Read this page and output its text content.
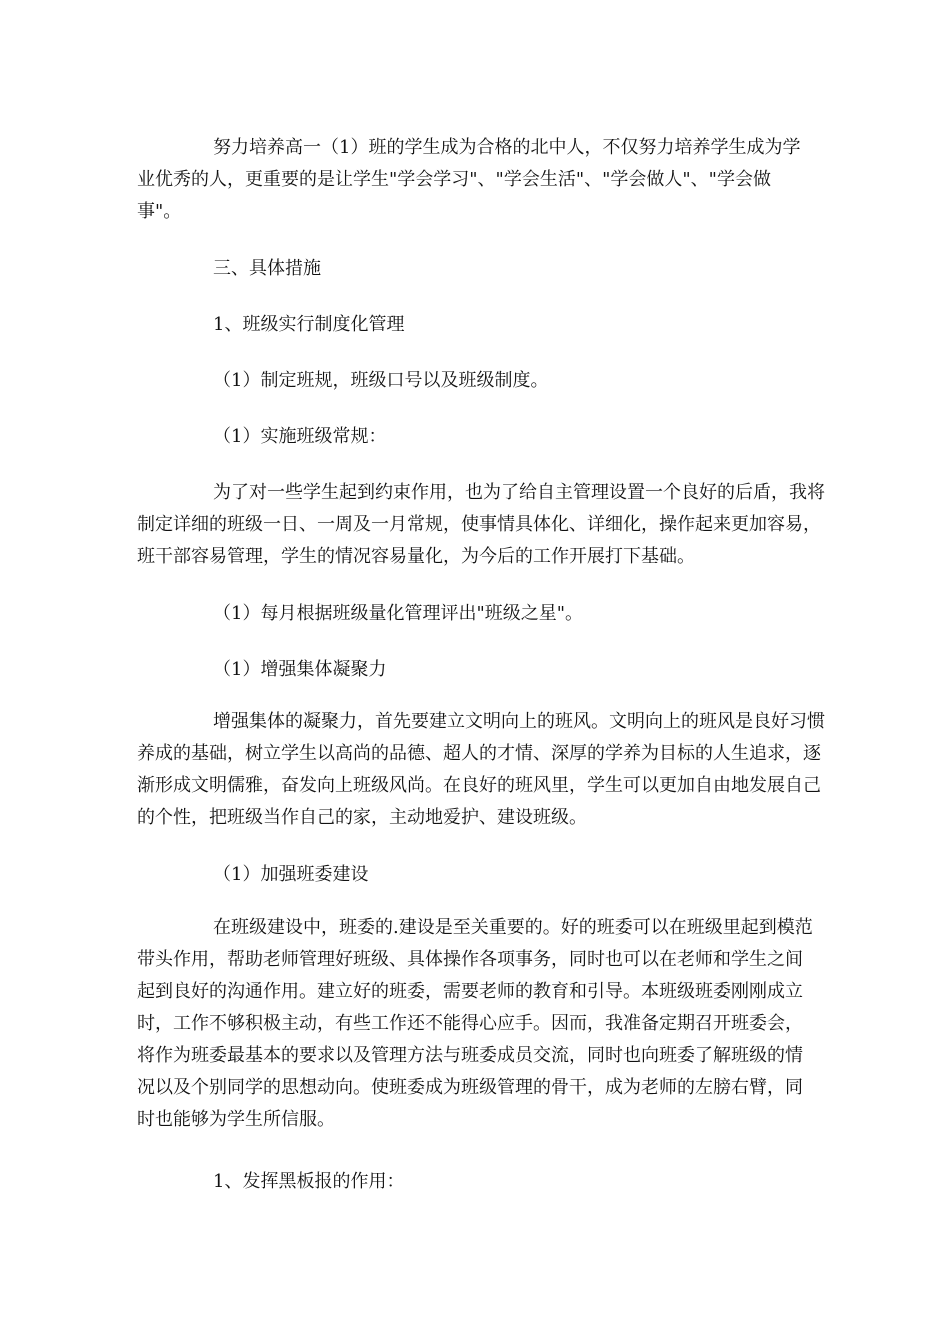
努力培养高一（1）班的学生成为合格的北中人，不仅努力培养学生成为学业优秀的人，更重要的是让学生"学会学习"、"学会生活"、"学会做人"、"学会做事"。

三、具体措施

1、班级实行制度化管理

（1）制定班规，班级口号以及班级制度。

（1）实施班级常规：

为了对一些学生起到约束作用，也为了给自主管理设置一个良好的后盾，我将制定详细的班级一日、一周及一月常规，使事情具体化、详细化，操作起来更加容易，班干部容易管理，学生的情况容易量化，为今后的工作开展打下基础。

（1）每月根据班级量化管理评出"班级之星"。

（1）增强集体凝聚力

增强集体的凝聚力，首先要建立文明向上的班风。文明向上的班风是良好习惯养成的基础，树立学生以高尚的品德、超人的才情、深厚的学养为目标的人生追求，逐渐形成文明儒雅，奋发向上班级风尚。在良好的班风里，学生可以更加自由地发展自己的个性，把班级当作自己的家，主动地爱护、建设班级。

（1）加强班委建设

在班级建设中，班委的.建设是至关重要的。好的班委可以在班级里起到模范带头作用，帮助老师管理好班级、具体操作各项事务，同时也可以在老师和学生之间起到良好的沟通作用。建立好的班委，需要老师的教育和引导。本班级班委刚刚成立时，工作不够积极主动，有些工作还不能得心应手。因而，我准备定期召开班委会，将作为班委最基本的要求以及管理方法与班委成员交流，同时也向班委了解班级的情况以及个别同学的思想动向。使班委成为班级管理的骨干，成为老师的左膀右臂，同时也能够为学生所信服。

1、发挥黑板报的作用：
